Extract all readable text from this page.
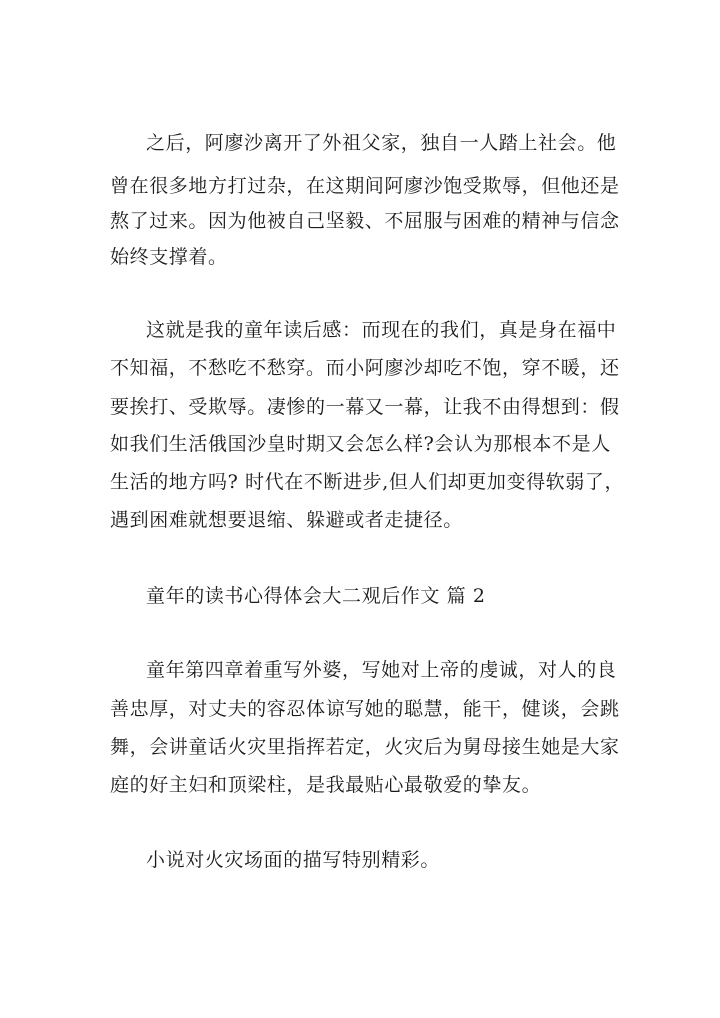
之后，阿廖沙离开了外祖父家，独自一人踏上社会。他
曾在很多地方打过杂，在这期间阿廖沙饱受欺辱，但他还是
熬了过来。因为他被自己坚毅、不屈服与困难的精神与信念
始终支撑着。
这就是我的童年读后感：而现在的我们，真是身在福中
不知福，不愁吃不愁穿。而小阿廖沙却吃不饱，穿不暖，还
要挨打、受欺辱。凄惨的一幕又一幕，让我不由得想到：假
如我们生活俄国沙皇时期又会怎么样?会认为那根本不是人
生活的地方吗? 时代在不断进步,但人们却更加变得软弱了，
遇到困难就想要退缩、躲避或者走捷径。
童年的读书心得体会大二观后作文 篇 2
童年第四章着重写外婆，写她对上帝的虔诚，对人的良
善忠厚，对丈夫的容忍体谅写她的聪慧，能干，健谈，会跳
舞，会讲童话火灾里指挥若定，火灾后为舅母接生她是大家
庭的好主妇和顶梁柱，是我最贴心最敬爱的挚友。
小说对火灾场面的描写特别精彩。
